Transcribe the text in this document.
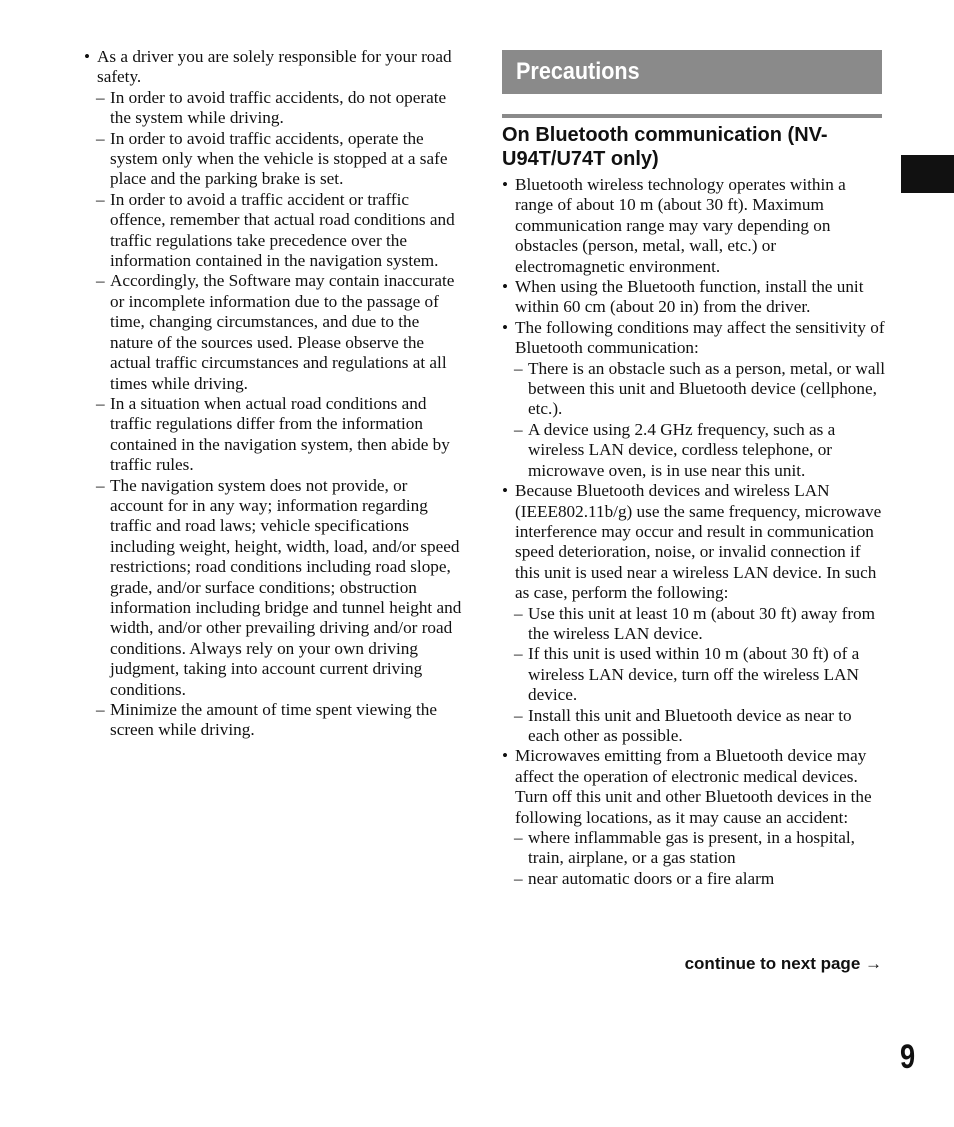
• As a driver you are solely responsible for your road safety.

– In order to avoid traffic accidents, do not operate the system while driving.

– In order to avoid traffic accidents, operate the system only when the vehicle is stopped at a safe place and the parking brake is set.

– In order to avoid a traffic accident or traffic offence, remember that actual road conditions and traffic regulations take precedence over the information contained in the navigation system.

– Accordingly, the Software may contain inaccurate or incomplete information due to the passage of time, changing circumstances, and due to the nature of the sources used. Please observe the actual traffic circumstances and regulations at all times while driving.

– In a situation when actual road conditions and traffic regulations differ from the information contained in the navigation system, then abide by traffic rules.

– The navigation system does not provide, or account for in any way; information regarding traffic and road laws; vehicle specifications including weight, height, width, load, and/or speed restrictions; road conditions including road slope, grade, and/or surface conditions; obstruction information including bridge and tunnel height and width, and/or other prevailing driving and/or road conditions. Always rely on your own driving judgment, taking into account current driving conditions.

– Minimize the amount of time spent viewing the screen while driving.

Precautions
On Bluetooth communication (NV-U94T/U74T only)

• Bluetooth wireless technology operates within a range of about 10 m (about 30 ft). Maximum communication range may vary depending on obstacles (person, metal, wall, etc.) or electromagnetic environment.

• When using the Bluetooth function, install the unit within 60 cm (about 20 in) from the driver.

• The following conditions may affect the sensitivity of Bluetooth communication:

– There is an obstacle such as a person, metal, or wall between this unit and Bluetooth device (cellphone, etc.).

– A device using 2.4 GHz frequency, such as a wireless LAN device, cordless telephone, or microwave oven, is in use near this unit.

• Because Bluetooth devices and wireless LAN (IEEE802.11b/g) use the same frequency, microwave interference may occur and result in communication speed deterioration, noise, or invalid connection if this unit is used near a wireless LAN device. In such as case, perform the following:

– Use this unit at least 10 m (about 30 ft) away from the wireless LAN device.

– If this unit is used within 10 m (about 30 ft) of a wireless LAN device, turn off the wireless LAN device.

– Install this unit and Bluetooth device as near to each other as possible.

• Microwaves emitting from a Bluetooth device may affect the operation of electronic medical devices. Turn off this unit and other Bluetooth devices in the following locations, as it may cause an accident:

– where inflammable gas is present, in a hospital, train, airplane, or a gas station

– near automatic doors or a fire alarm

continue to next page →
9
